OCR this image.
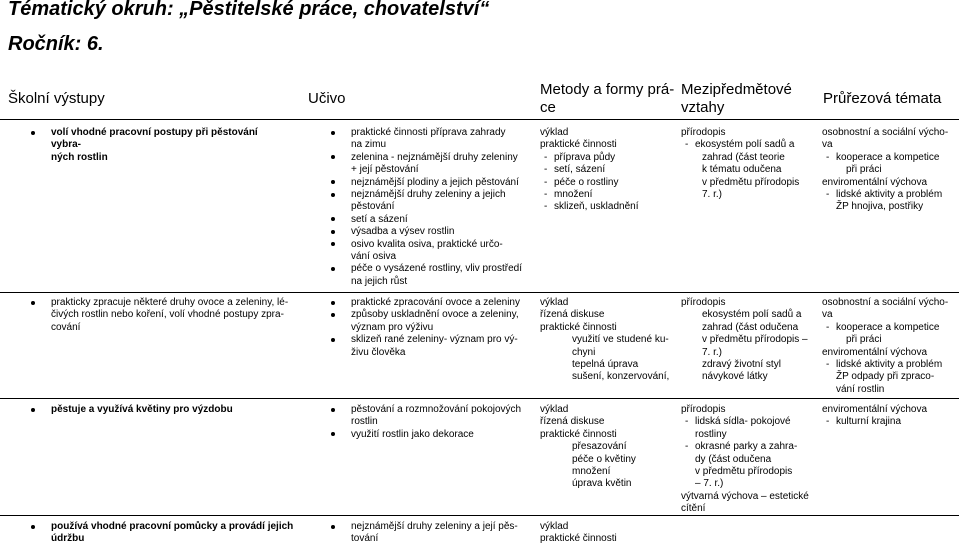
Tématický okruh: „Pěstitelské práce, chovatelství“
Ročník: 6.
Školní výstupy	Učivo
Metody a formy prá-
ce
Mezipředmětové
vztahy
Průřezová témata
volí vhodné pracovní postupy při pěstování vybra-
ných rostlin
praktické činnosti příprava zahrady
na zimu
zelenina - nejznámější druhy zeleniny
+ její pěstování
nejznámější plodiny a jejich pěstování
nejznámější druhy zeleniny a jejich
pěstování
setí a sázení
výsadba a výsev rostlin
osivo kvalita osiva, praktické určo-
vání osiva
péče o vysázené rostliny, vliv prostředí
na jejich růst
výklad
praktické činnosti
- příprava půdy
- setí, sázení
- péče o rostliny
- množení
- sklizeň, uskladnění
přírodopis
- ekosystém polí sadů a
zahrad (část teorie
k tématu odučena
v předmětu přírodopis
7. r.)
osobnostní a sociální výcho-
va
- kooperace a kompetice
při práci
enviromentální výchova
- lidské aktivity a problém
ŽP hnojiva, postřiky
prakticky zpracuje některé druhy ovoce a zeleniny, lé-
čivých rostlin nebo koření, volí vhodné postupy zpra-
cování
praktické zpracování ovoce a zeleniny
způsoby uskladnění ovoce a zeleniny,
význam pro výživu
sklizeň rané zeleniny- význam pro vý-
živu člověka
výklad
řízená diskuse
praktické činnosti
využití ve studené ku-
chyni
tepelná úprava
sušení, konzervování,
přírodopis
ekosystém polí sadů a
zahrad (část odučena
v předmětu přírodopis –
7. r.)
zdravý životní styl
návykové látky
osobnostní a sociální výcho-
va
- kooperace a kompetice
při práci
enviromentální výchova
- lidské aktivity a problém
ŽP odpady při zpraco-
vání rostlin
pěstuje a využívá květiny pro výzdobu	pěstování a rozmnožování pokojových
rostlin
využití rostlin jako dekorace
výklad
řízená diskuse
praktické činnosti
přesazování
péče o květiny
množení
úprava květin
přírodopis
- lidská sídla- pokojové
rostliny
- okrasné parky a zahra-
dy (část odučena
v předmětu přírodopis
– 7. r.)
výtvarná výchova – estetické
cítění
enviromentální výchova
- kulturní krajina
používá vhodné pracovní pomůcky a provádí jejich
údržbu
nejznámější druhy zeleniny a její pěs-
tování
výklad
praktické činnosti
